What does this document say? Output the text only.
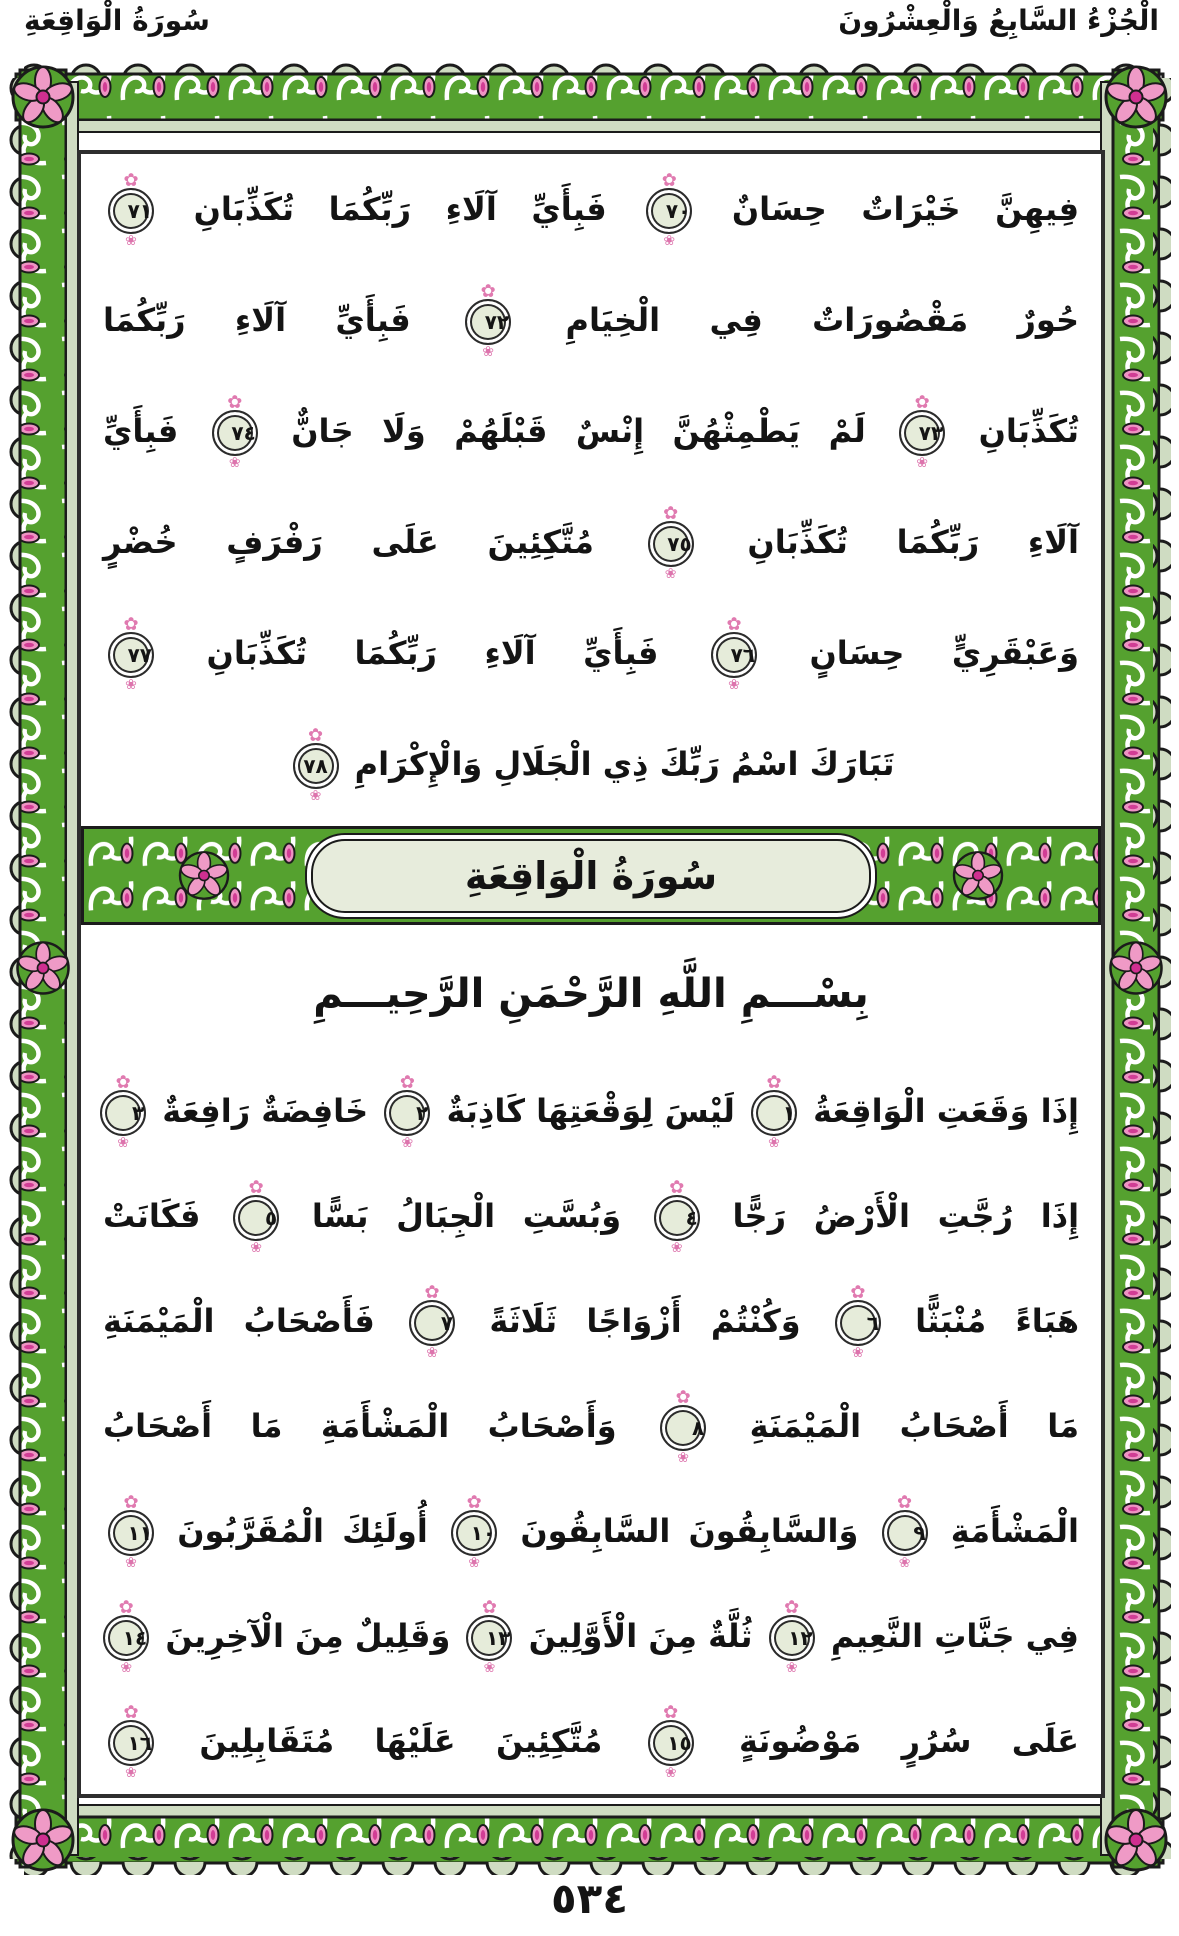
سُورَةُ الْوَاقِعَةِ	الْجُزْءُ السَّابِعُ وَالْعِشْرُونَ
فِيهِنَّ خَيْرَاتٌ حِسَانٌ ✿ ٧٠ ❀ فَبِأَيِّ آلَاءِ رَبِّكُمَا تُكَذِّبَانِ ✿ ٧١ ❀
حُورٌ مَقْصُورَاتٌ فِي الْخِيَامِ ✿ ٧٢ ❀ فَبِأَيِّ آلَاءِ رَبِّكُمَا
تُكَذِّبَانِ ✿ ٧٣ ❀ لَمْ يَطْمِثْهُنَّ إِنْسٌ قَبْلَهُمْ وَلَا جَانٌّ ✿ ٧٤ ❀ فَبِأَيِّ
آلَاءِ رَبِّكُمَا تُكَذِّبَانِ ✿ ٧٥ ❀ مُتَّكِئِينَ عَلَى رَفْرَفٍ خُضْرٍ
وَعَبْقَرِيٍّ حِسَانٍ ✿ ٧٦ ❀ فَبِأَيِّ آلَاءِ رَبِّكُمَا تُكَذِّبَانِ ✿ ٧٧ ❀
تَبَارَكَ اسْمُ رَبِّكَ ذِي الْجَلَالِ وَالْإِكْرَامِ ✿ ٧٨ ❀
سُورَةُ الْوَاقِعَةِ
بِسْـــمِ اللَّهِ الرَّحْمَنِ الرَّحِيـــمِ
إِذَا وَقَعَتِ الْوَاقِعَةُ ✿ ١ ❀ لَيْسَ لِوَقْعَتِهَا كَاذِبَةٌ ✿ ٢ ❀ خَافِضَةٌ رَافِعَةٌ ✿ ٣ ❀
إِذَا رُجَّتِ الْأَرْضُ رَجًّا ✿ ٤ ❀ وَبُسَّتِ الْجِبَالُ بَسًّا ✿ ٥ ❀ فَكَانَتْ
هَبَاءً مُنْبَثًّا ✿ ٦ ❀ وَكُنْتُمْ أَزْوَاجًا ثَلَاثَةً ✿ ٧ ❀ فَأَصْحَابُ الْمَيْمَنَةِ
مَا أَصْحَابُ الْمَيْمَنَةِ ✿ ٨ ❀ وَأَصْحَابُ الْمَشْأَمَةِ مَا أَصْحَابُ
الْمَشْأَمَةِ ✿ ٩ ❀ وَالسَّابِقُونَ السَّابِقُونَ ✿ ١٠ ❀ أُولَئِكَ الْمُقَرَّبُونَ ✿ ١١ ❀
فِي جَنَّاتِ النَّعِيمِ ✿ ١٢ ❀ ثُلَّةٌ مِنَ الْأَوَّلِينَ ✿ ١٣ ❀ وَقَلِيلٌ مِنَ الْآخِرِينَ ✿ ١٤ ❀
عَلَى سُرُرٍ مَوْضُونَةٍ ✿ ١٥ ❀ مُتَّكِئِينَ عَلَيْهَا مُتَقَابِلِينَ ✿ ١٦ ❀
٥٣٤
